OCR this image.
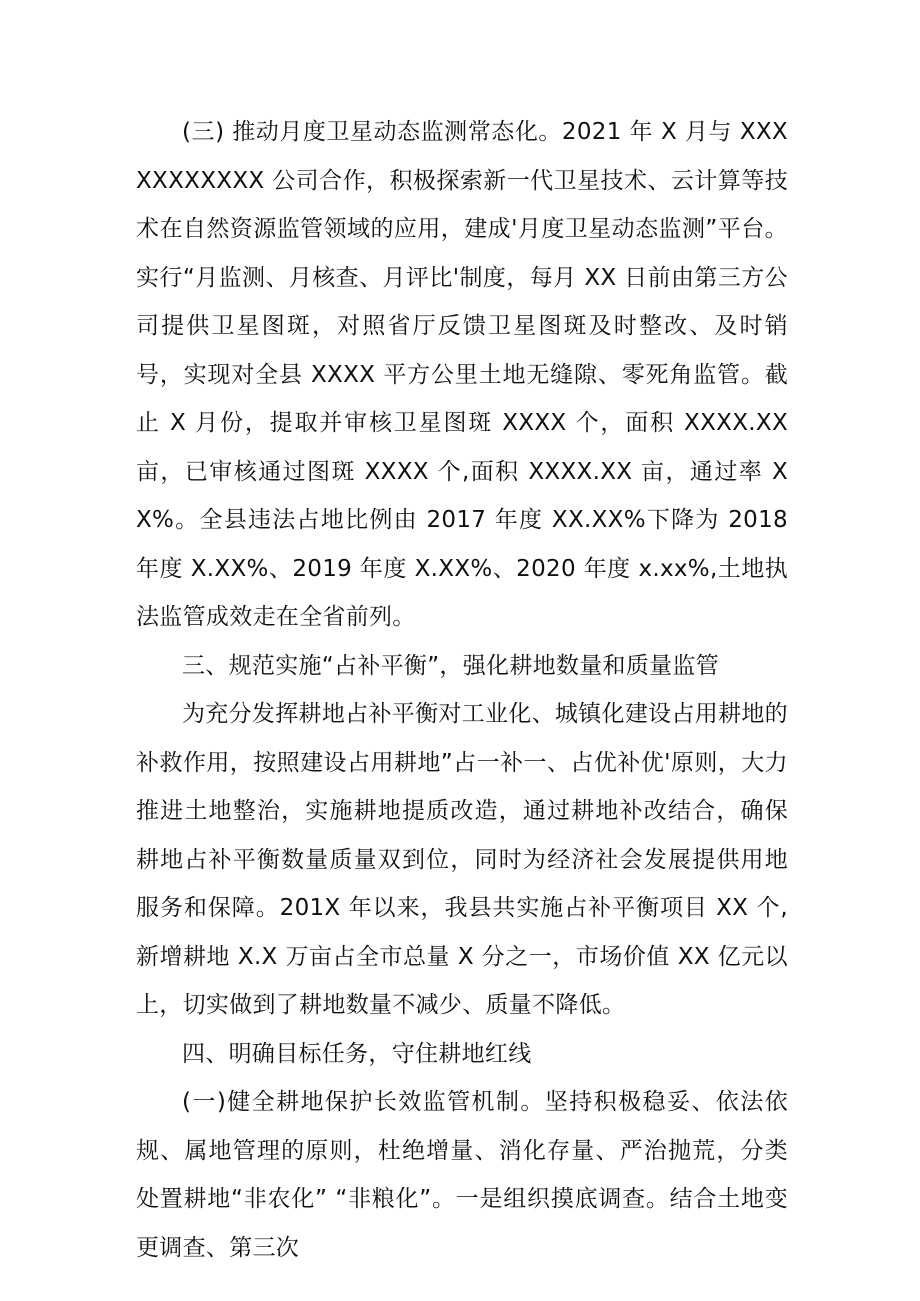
(三) 推动月度卫星动态监测常态化。2021 年 X 月与 XXXXXXXXXXX 公司合作，积极探索新一代卫星技术、云计算等技术在自然资源监管领域的应用，建成'月度卫星动态监测”平台。实行“月监测、月核查、月评比'制度，每月 XX 日前由第三方公司提供卫星图斑，对照省厅反馈卫星图斑及时整改、及时销号，实现对全县 XXXX 平方公里土地无缝隙、零死角监管。截止 X 月份，提取并审核卫星图斑 XXXX 个，面积 XXXX.XX 亩，已审核通过图斑 XXXX 个,面积 XXXX.XX 亩，通过率 XX%。全县违法占地比例由 2017 年度 XX.XX%下降为 2018 年度 X.XX%、2019 年度 X.XX%、2020 年度 x.xx%,土地执法监管成效走在全省前列。

三、规范实施“占补平衡”，强化耕地数量和质量监管

为充分发挥耕地占补平衡对工业化、城镇化建设占用耕地的补救作用，按照建设占用耕地”占一补一、占优补优'原则，大力推进土地整治，实施耕地提质改造，通过耕地补改结合，确保耕地占补平衡数量质量双到位，同时为经济社会发展提供用地服务和保障。201X 年以来，我县共实施占补平衡项目 XX 个,新增耕地 X.X 万亩占全市总量 X 分之一，市场价值 XX 亿元以上，切实做到了耕地数量不减少、质量不降低。

四、明确目标任务，守住耕地红线

(一)健全耕地保护长效监管机制。坚持积极稳妥、依法依规、属地管理的原则，杜绝增量、消化存量、严治抛荒，分类处置耕地“非农化” “非粮化”。一是组织摸底调查。结合土地变更调查、第三次
